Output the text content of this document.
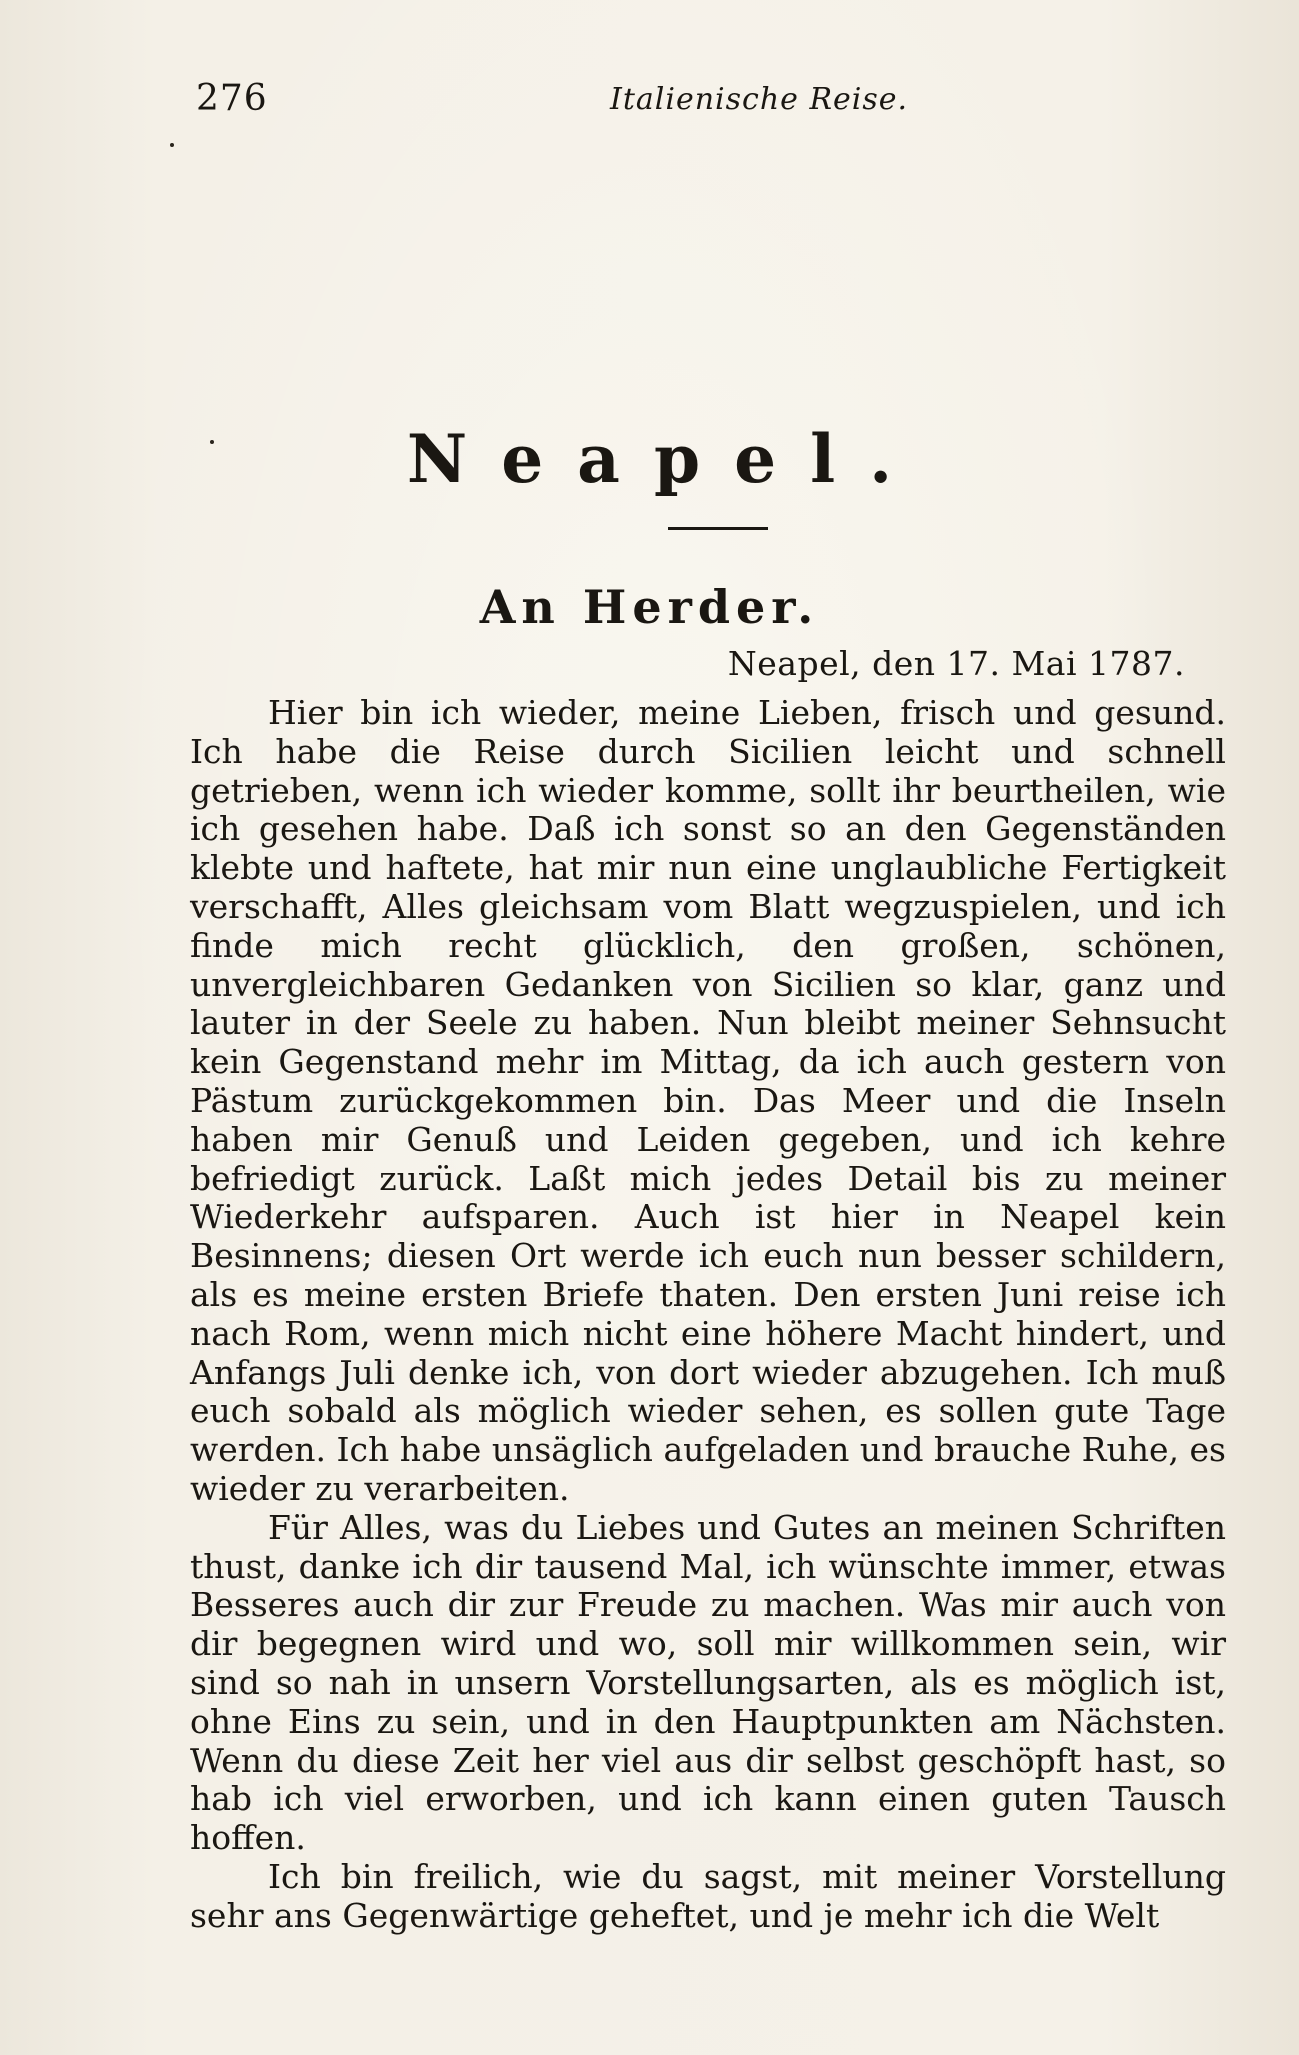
276	Italienische Reise.
Neapel.
An Herder.
Neapel, den 17. Mai 1787.

Hier bin ich wieder, meine Lieben, frisch und gesund. Ich habe die Reise durch Sicilien leicht und schnell getrieben, wenn ich wieder komme, sollt ihr beurtheilen, wie ich gesehen habe. Daß ich sonst so an den Gegenständen klebte und haftete, hat mir nun eine unglaubliche Fertigkeit verschafft, Alles gleichsam vom Blatt wegzuspielen, und ich finde mich recht glücklich, den großen, schönen, unvergleichbaren Gedanken von Sicilien so klar, ganz und lauter in der Seele zu haben. Nun bleibt meiner Sehnsucht kein Gegenstand mehr im Mittag, da ich auch gestern von Pästum zurückgekommen bin. Das Meer und die Inseln haben mir Genuß und Leiden gegeben, und ich kehre befriedigt zurück. Laßt mich jedes Detail bis zu meiner Wiederkehr aufsparen. Auch ist hier in Neapel kein Besinnens; diesen Ort werde ich euch nun besser schildern, als es meine ersten Briefe thaten. Den ersten Juni reise ich nach Rom, wenn mich nicht eine höhere Macht hindert, und Anfangs Juli denke ich, von dort wieder abzugehen. Ich muß euch sobald als möglich wieder sehen, es sollen gute Tage werden. Ich habe unsäglich aufgeladen und brauche Ruhe, es wieder zu verarbeiten.

Für Alles, was du Liebes und Gutes an meinen Schriften thust, danke ich dir tausend Mal, ich wünschte immer, etwas Besseres auch dir zur Freude zu machen. Was mir auch von dir begegnen wird und wo, soll mir willkommen sein, wir sind so nah in unsern Vorstellungsarten, als es möglich ist, ohne Eins zu sein, und in den Hauptpunkten am Nächsten. Wenn du diese Zeit her viel aus dir selbst geschöpft hast, so hab ich viel erworben, und ich kann einen guten Tausch hoffen.

Ich bin freilich, wie du sagst, mit meiner Vorstellung sehr ans Gegenwärtige geheftet, und je mehr ich die Welt
